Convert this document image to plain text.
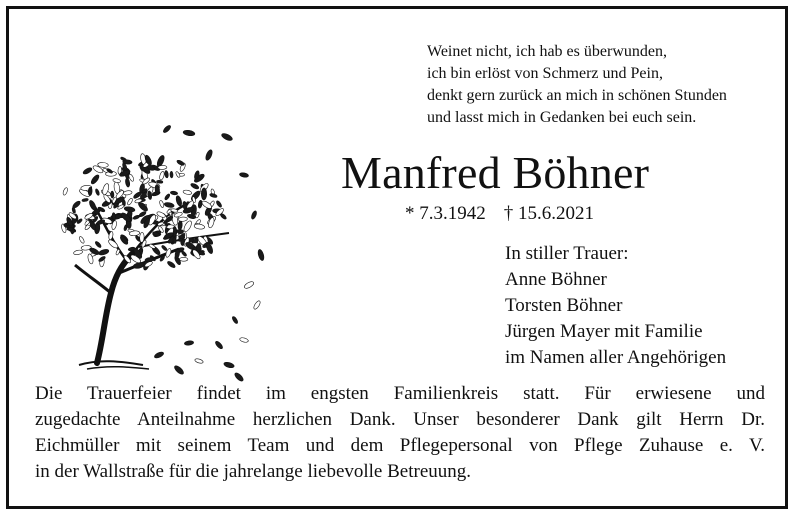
Weinet nicht, ich hab es überwunden,
ich bin erlöst von Schmerz und Pein,
denkt gern zurück an mich in schönen Stunden
und lasst mich in Gedanken bei euch sein.
Manfred Böhner
* 7.3.1942 † 15.6.2021
In stiller Trauer:
Anne Böhner
Torsten Böhner
Jürgen Mayer mit Familie
im Namen aller Angehörigen
Die Trauerfeier findet im engsten Familienkreis statt. Für erwiesene und
zugedachte Anteilnahme herzlichen Dank. Unser besonderer Dank gilt Herrn Dr.
Eichmüller mit seinem Team und dem Pflegepersonal von Pflege Zuhause e. V.
in der Wallstraße für die jahrelange liebevolle Betreuung.
